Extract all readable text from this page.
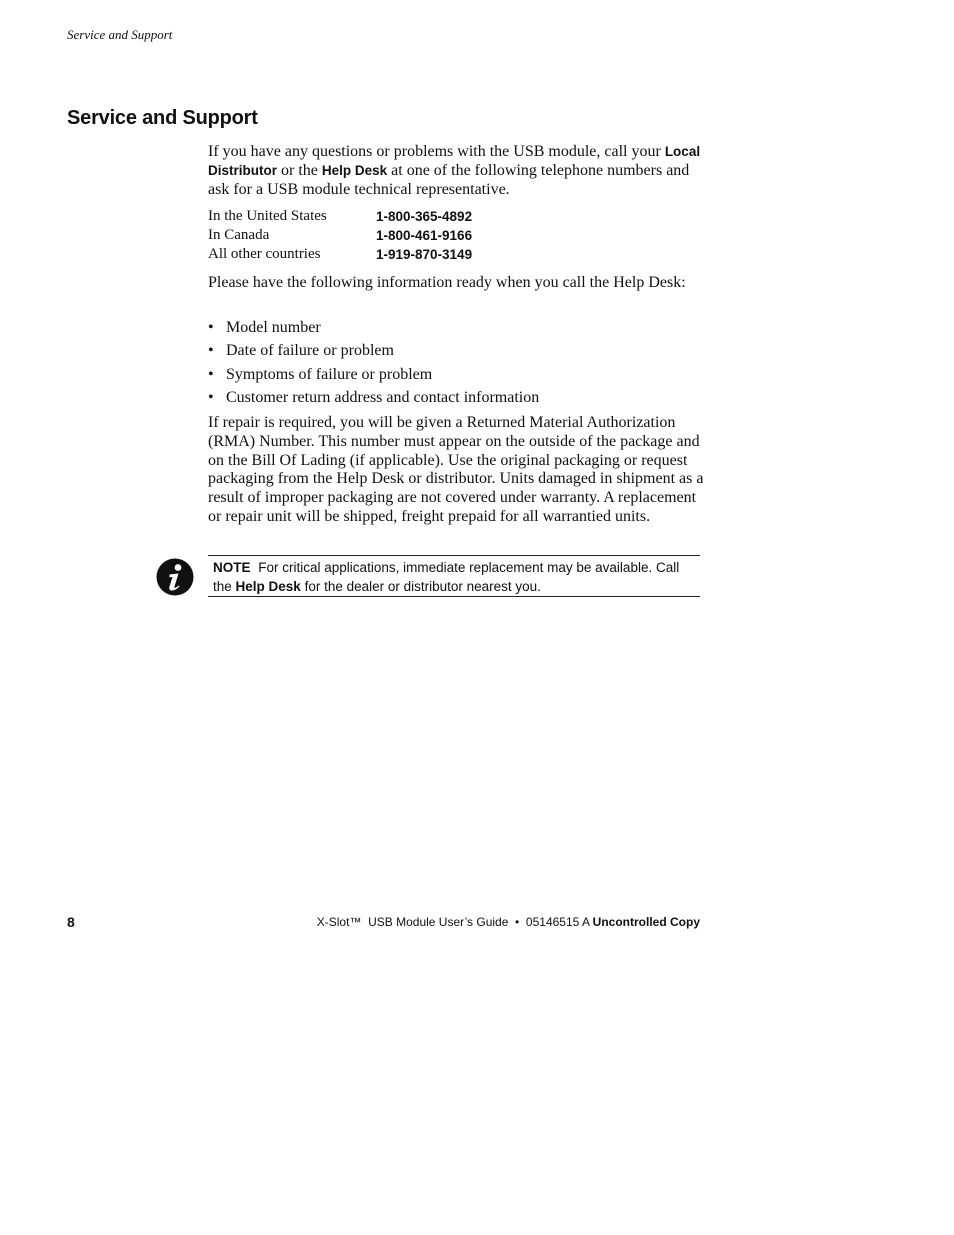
Service and Support
Service and Support

If you have any questions or problems with the USB module, call your Local Distributor or the Help Desk at one of the following telephone numbers and ask for a USB module technical representative.

In the United States	1-800-365-4892
In Canada	1-800-461-9166
All other countries	1-919-870-3149

Please have the following information ready when you call the Help Desk:

• Model number
• Date of failure or problem
• Symptoms of failure or problem
• Customer return address and contact information

If repair is required, you will be given a Returned Material Authorization (RMA) Number. This number must appear on the outside of the package and on the Bill Of Lading (if applicable). Use the original packaging or request packaging from the Help Desk or distributor. Units damaged in shipment as a result of improper packaging are not covered under warranty. A replacement or repair unit will be shipped, freight prepaid for all warrantied units.

NOTE For critical applications, immediate replacement may be available. Call the Help Desk for the dealer or distributor nearest you.
8	X-Slot™  USB Module User’s Guide  •  05146515 A Uncontrolled Copy
